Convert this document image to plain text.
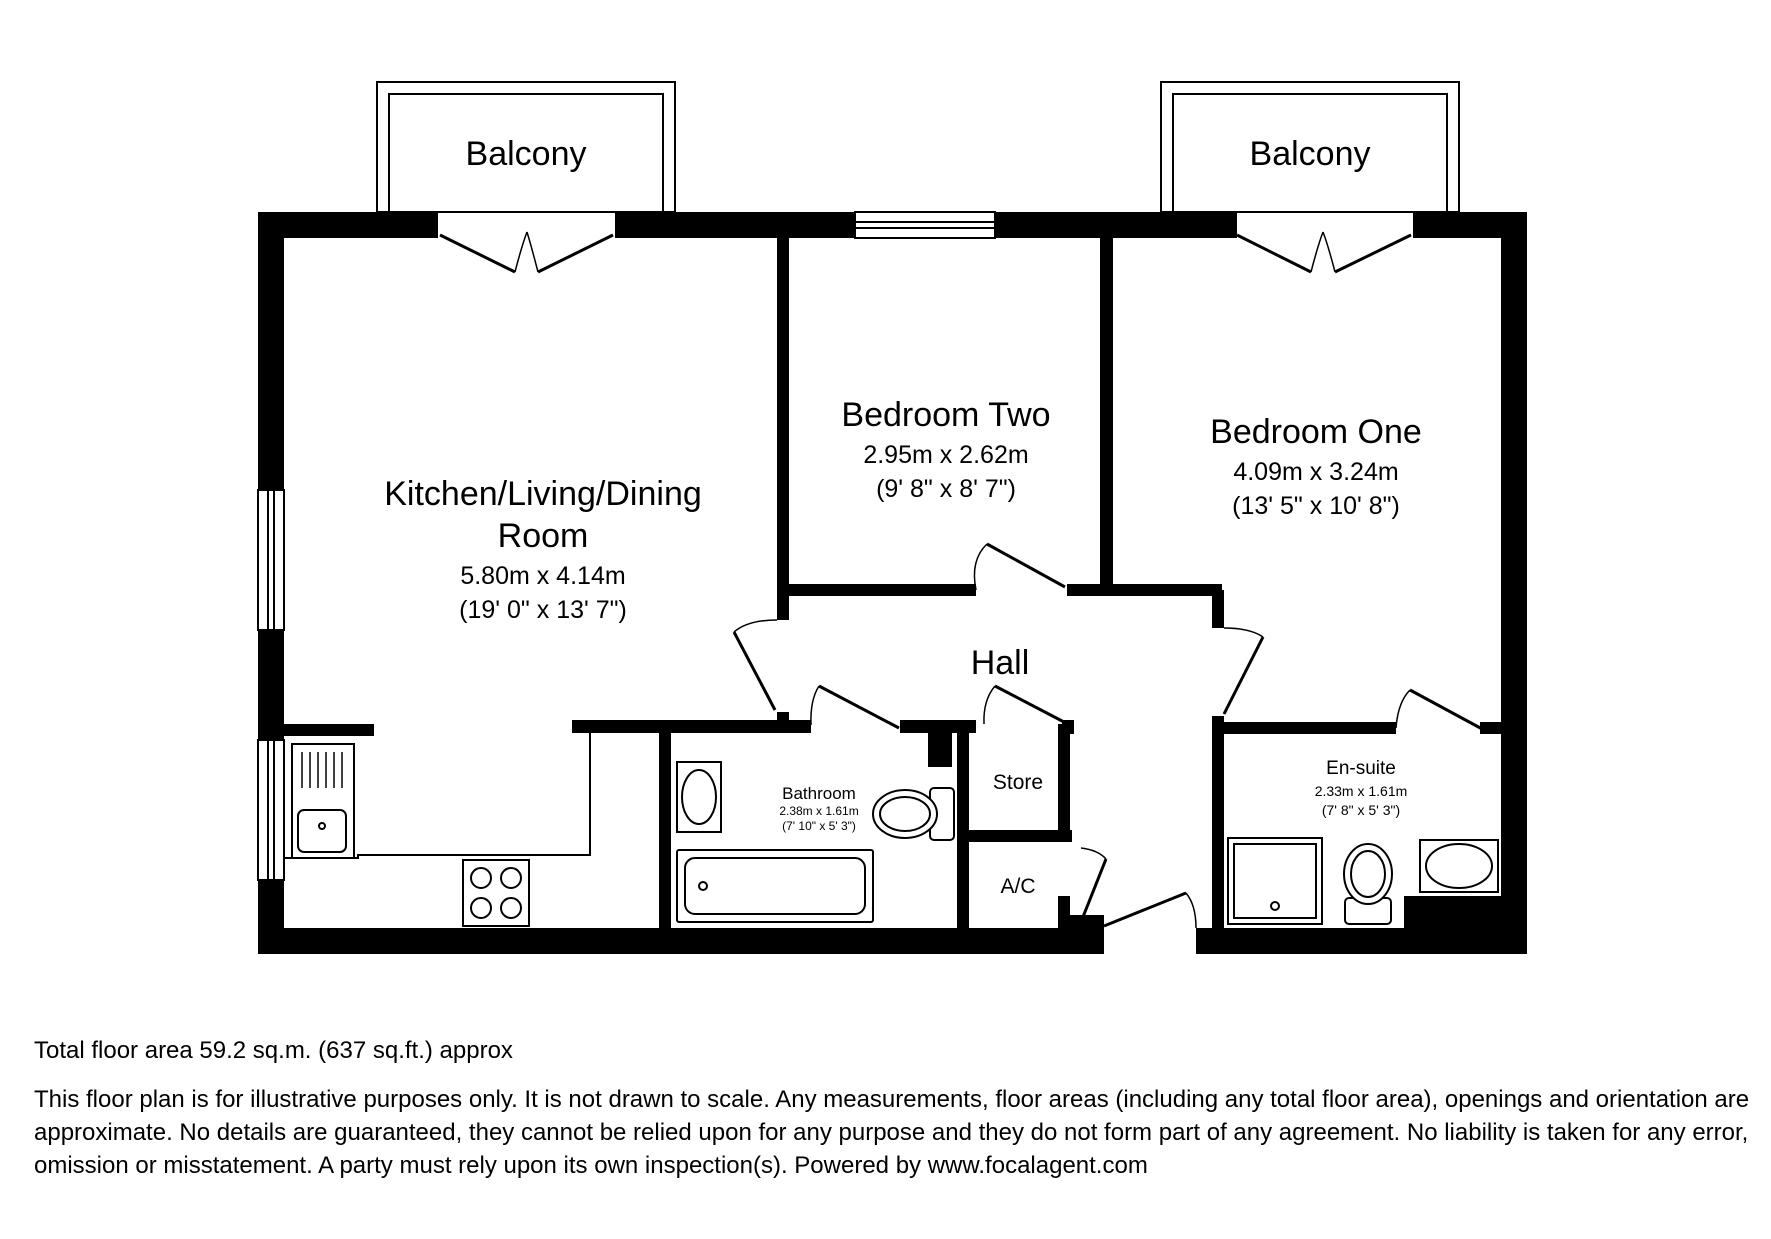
Balcony	Balcony
Kitchen/Living/Dining
Room
5.80m x 4.14m
(19' 0" x 13' 7")
Bedroom Two
2.95m x 2.62m
(9' 8" x 8' 7")
Bedroom One
4.09m x 3.24m
(13' 5" x 10' 8")
Hall
Bathroom
2.38m x 1.61m
(7' 10" x 5' 3")
Store
A/C
En-suite
2.33m x 1.61m
(7' 8" x 5' 3")
Total floor area 59.2 sq.m. (637 sq.ft.) approx
This floor plan is for illustrative purposes only. It is not drawn to scale. Any measurements, floor areas (including any total floor area), openings and orientation are approximate. No details are guaranteed, they cannot be relied upon for any purpose and they do not form part of any agreement. No liability is taken for any error, omission or misstatement. A party must rely upon its own inspection(s). Powered by www.focalagent.com
